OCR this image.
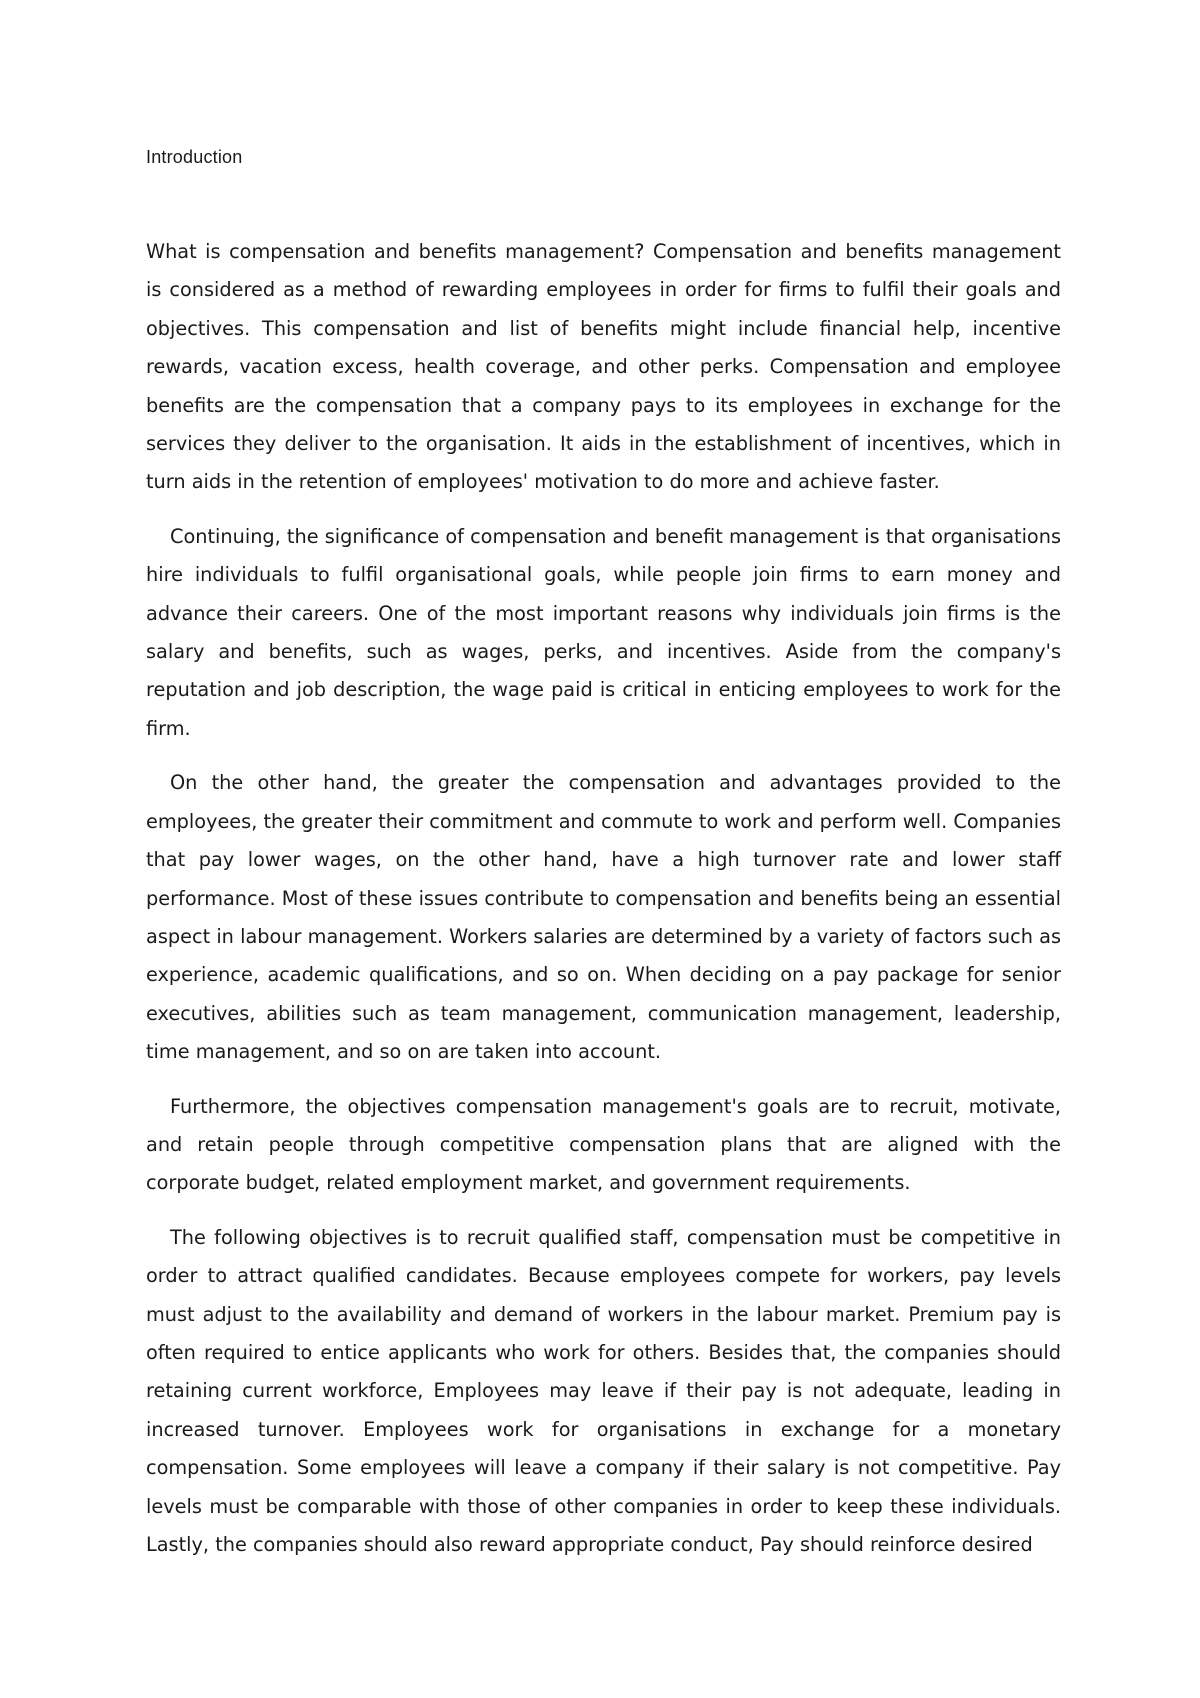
Introduction

What is compensation and benefits management? Compensation and benefits management is considered as a method of rewarding employees in order for firms to fulfil their goals and objectives. This compensation and list of benefits might include financial help, incentive rewards, vacation excess, health coverage, and other perks. Compensation and employee benefits are the compensation that a company pays to its employees in exchange for the services they deliver to the organisation. It aids in the establishment of incentives, which in turn aids in the retention of employees' motivation to do more and achieve faster.

Continuing, the significance of compensation and benefit management is that organisations hire individuals to fulfil organisational goals, while people join firms to earn money and advance their careers. One of the most important reasons why individuals join firms is the salary and benefits, such as wages, perks, and incentives. Aside from the company's reputation and job description, the wage paid is critical in enticing employees to work for the firm.

On the other hand, the greater the compensation and advantages provided to the employees, the greater their commitment and commute to work and perform well. Companies that pay lower wages, on the other hand, have a high turnover rate and lower staff performance. Most of these issues contribute to compensation and benefits being an essential aspect in labour management. Workers salaries are determined by a variety of factors such as experience, academic qualifications, and so on. When deciding on a pay package for senior executives, abilities such as team management, communication management, leadership, time management, and so on are taken into account.

Furthermore, the objectives compensation management's goals are to recruit, motivate, and retain people through competitive compensation plans that are aligned with the corporate budget, related employment market, and government requirements.

The following objectives is to recruit qualified staff, compensation must be competitive in order to attract qualified candidates. Because employees compete for workers, pay levels must adjust to the availability and demand of workers in the labour market. Premium pay is often required to entice applicants who work for others. Besides that, the companies should retaining current workforce, Employees may leave if their pay is not adequate, leading in increased turnover. Employees work for organisations in exchange for a monetary compensation. Some employees will leave a company if their salary is not competitive. Pay levels must be comparable with those of other companies in order to keep these individuals. Lastly, the companies should also reward appropriate conduct, Pay should reinforce desired
